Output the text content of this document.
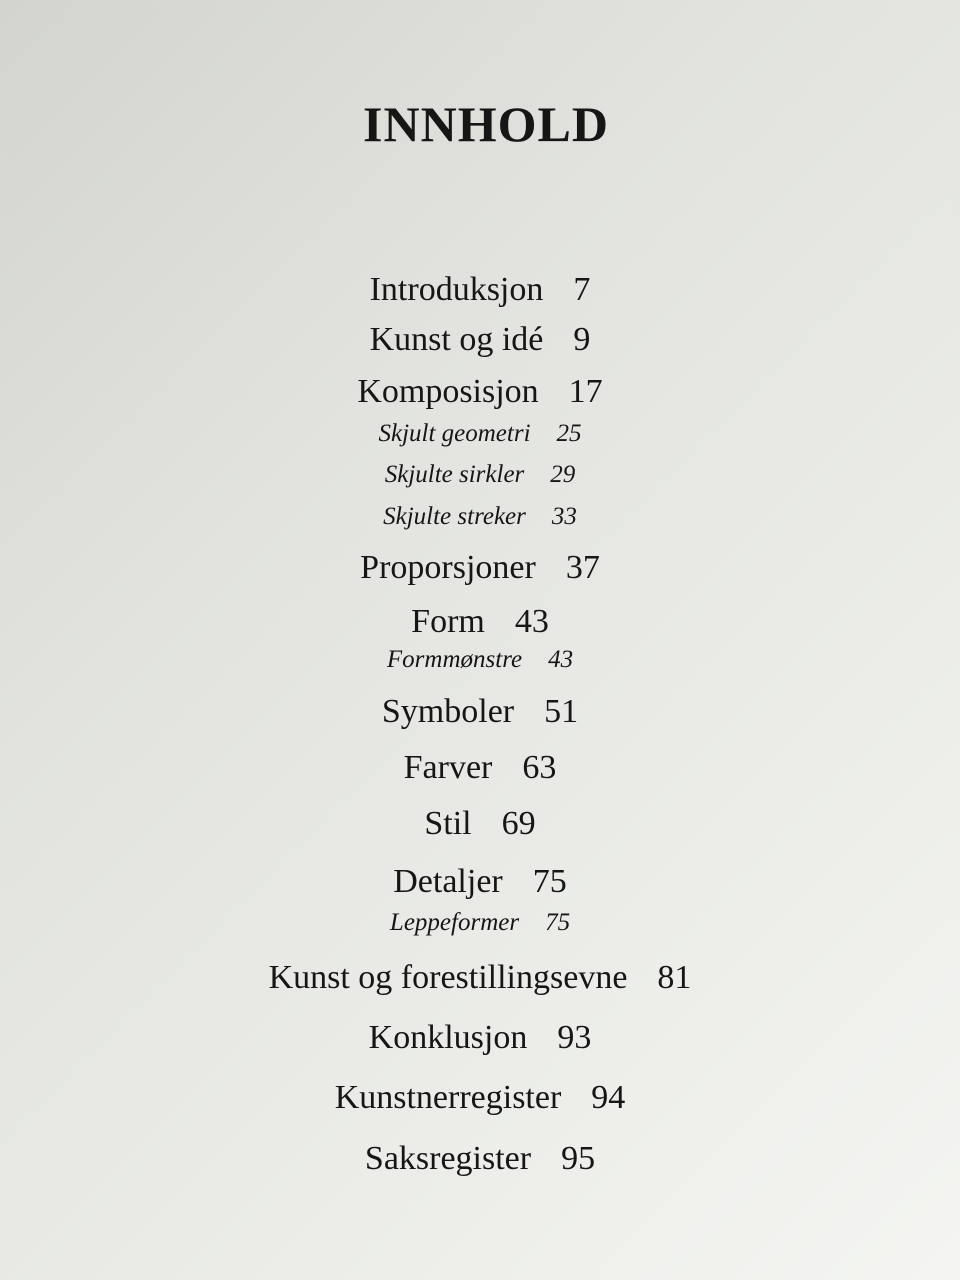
INNHOLD
Introduksjon 7
Kunst og idé 9
Komposisjon 17
Skjult geometri 25
Skjulte sirkler 29
Skjulte streker 33
Proporsjoner 37
Form 43
Formmønstre 43
Symboler 51
Farver 63
Stil 69
Detaljer 75
Leppeformer 75
Kunst og forestillingsevne 81
Konklusjon 93
Kunstnerregister 94
Saksregister 95
